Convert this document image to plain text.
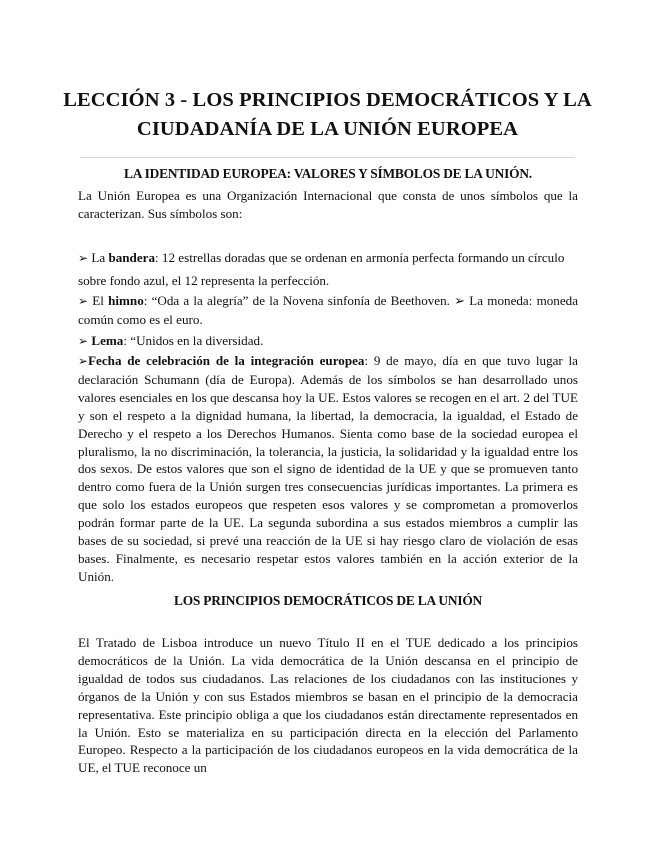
LECCIÓN 3 - LOS PRINCIPIOS DEMOCRÁTICOS Y LA
CIUDADANÍA DE LA UNIÓN EUROPEA
LA IDENTIDAD EUROPEA: VALORES Y SÍMBOLOS DE LA UNIÓN.
La Unión Europea es una Organización Internacional que consta de unos símbolos que la caracterizan. Sus símbolos son:
➢ La bandera: 12 estrellas doradas que se ordenan en armonía perfecta formando un círculo
sobre fondo azul, el 12 representa la perfección.
➢ El himno: “Oda a la alegría” de la Novena sinfonía de Beethoven. ➢ La moneda: moneda común como es el euro.
➢ Lema: “Unidos en la diversidad.
➢Fecha de celebración de la integración europea: 9 de mayo, día en que tuvo lugar la declaración Schumann (día de Europa). Además de los símbolos se han desarrollado unos valores esenciales en los que descansa hoy la UE. Estos valores se recogen en el art. 2 del TUE y son el respeto a la dignidad humana, la libertad, la democracia, la igualdad, el Estado de Derecho y el respeto a los Derechos Humanos. Sienta como base de la sociedad europea el pluralismo, la no discriminación, la tolerancia, la justicia, la solidaridad y la igualdad entre los dos sexos. De estos valores que son el signo de identidad de la UE y que se promueven tanto dentro como fuera de la Unión surgen tres consecuencias jurídicas importantes. La primera es que solo los estados europeos que respeten esos valores y se comprometan a promoverlos podrán formar parte de la UE. La segunda subordina a sus estados miembros a cumplir las bases de su sociedad, si prevé una reacción de la UE si hay riesgo claro de violación de esas bases. Finalmente, es necesario respetar estos valores también en la acción exterior de la Unión.
LOS PRINCIPIOS DEMOCRÁTICOS DE LA UNIÓN
El Tratado de Lisboa introduce un nuevo Título II en el TUE dedicado a los principios democráticos de la Unión. La vida democrática de la Unión descansa en el principio de igualdad de todos sus ciudadanos. Las relaciones de los ciudadanos con las instituciones y órganos de la Unión y con sus Estados miembros se basan en el principio de la democracia representativa. Este principio obliga a que los ciudadanos están directamente representados en la Unión. Esto se materializa en su participación directa en la elección del Parlamento Europeo. Respecto a la participación de los ciudadanos europeos en la vida democrática de la UE, el TUE reconoce un
